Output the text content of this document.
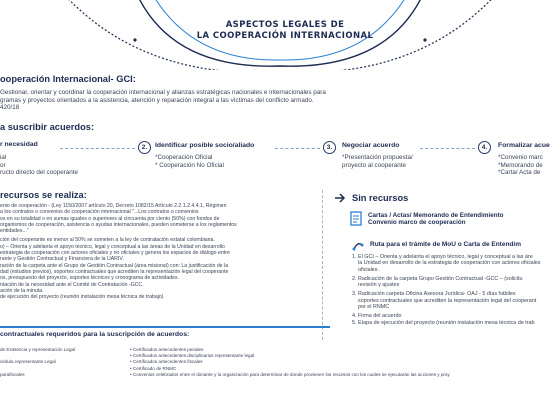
ASPECTOS LEGALES DE
LA COOPERACIÓN INTERNACIONAL
ooperación Internacional- GCI:
Gestionar, orientar y coordinar la cooperación internacional y alianzas estratégicas nacionales e internacionales para
gramas y proyectos orientados a la asistencia, atención y reparación integral a las víctimas del conflicto armado.
420/18
a suscribir acuerdos:
r necesidad
ial
or
ructo directo del cooperante
2.	Identificar posible socio/aliado
*Cooperación Oficial
* Cooperación No Oficial
3.	Negociar acuerdo
*Presentación propuesta/
proyecto al cooperante
4.	Formalizar acue
*Convenio marc
*Memorando de
*Carta/ Acta de
recursos se realiza:
enio de cooperación - (Ley 1150/2007 artículo 20, Decreto 1082/15 Artículo 2.2.1.2.4.4.1, Régimen
a los contratos o convenios de cooperación internacional "...Los contratos o convenios
os en su totalidad o en sumas iguales o superiores al cincuenta por ciento (50%) con fondos de
organismos de cooperación, asistencia o ayudas internacionales, pueden someterse a los reglamentos
entidades..."
ción del cooperante es menor al 50% se someten a la ley de contratación estatal colombiana.
o) – Orienta y adelanta el apoyo técnico, legal y conceptual a las áreas de la Unidad en desarrollo
estrategia de cooperación con actores oficiales y no oficiales y genera los espacios de diálogo entre
rante y Gestión Contractual y Financiera de la UARIV.
ración de la carpeta ante el Grupo de Gestión Contractual (área misional) con: La justificación de la
dad (estudios previos), soportes contractuales que acrediten la representación legal del cooperante
os, presupuesto del proyecto, soportes técnicos y cronograma de actividades.
ntación de la necesidad ante el Comité de Contratación -GCC.
ación de la minuta.
de ejecución del proyecto (reunión instalación mesa técnica de trabajo)
Sin recursos
Cartas / Actas/ Memorando de Entendimiento
Convenio marco de cooperación
Ruta para el trámite de MoU o Carta de Entendim
1. El GCI – Orienta y adelanta el apoyo técnico, legal y conceptual a las áre
la Unidad en desarrollo de la estrategia de cooperación con actores oficiales
oficiales.
2. Radicación de la carpeta Grupo Gestión Contractual -GCC – (solicitu
revisión y ajustes
3. Radicación carpeta Oficina Asesora Jurídica- OAJ - 5 días hábiles
soportes contractuales que acrediten la representación legal del cooperant
por el RNMC
4. Firma del acuerdo
5. Etapa de ejecución del proyecto (reunión instalación mesa técnica de trab
contractuales requeridos para la suscripción de acuerdos:
de Existencia y representación Legal

cédula representante Legal

parafiscales
• Certificados antecedentes penales
• Certificados antecedentes disciplinarios representante legal
• Certificados antecedentes fiscales
• Certificado de RNMC
• Convenios celebrados entre el donante y la organización para determinar de donde provienen los recursos con los cuales se ejecutarán las acciones y proy
